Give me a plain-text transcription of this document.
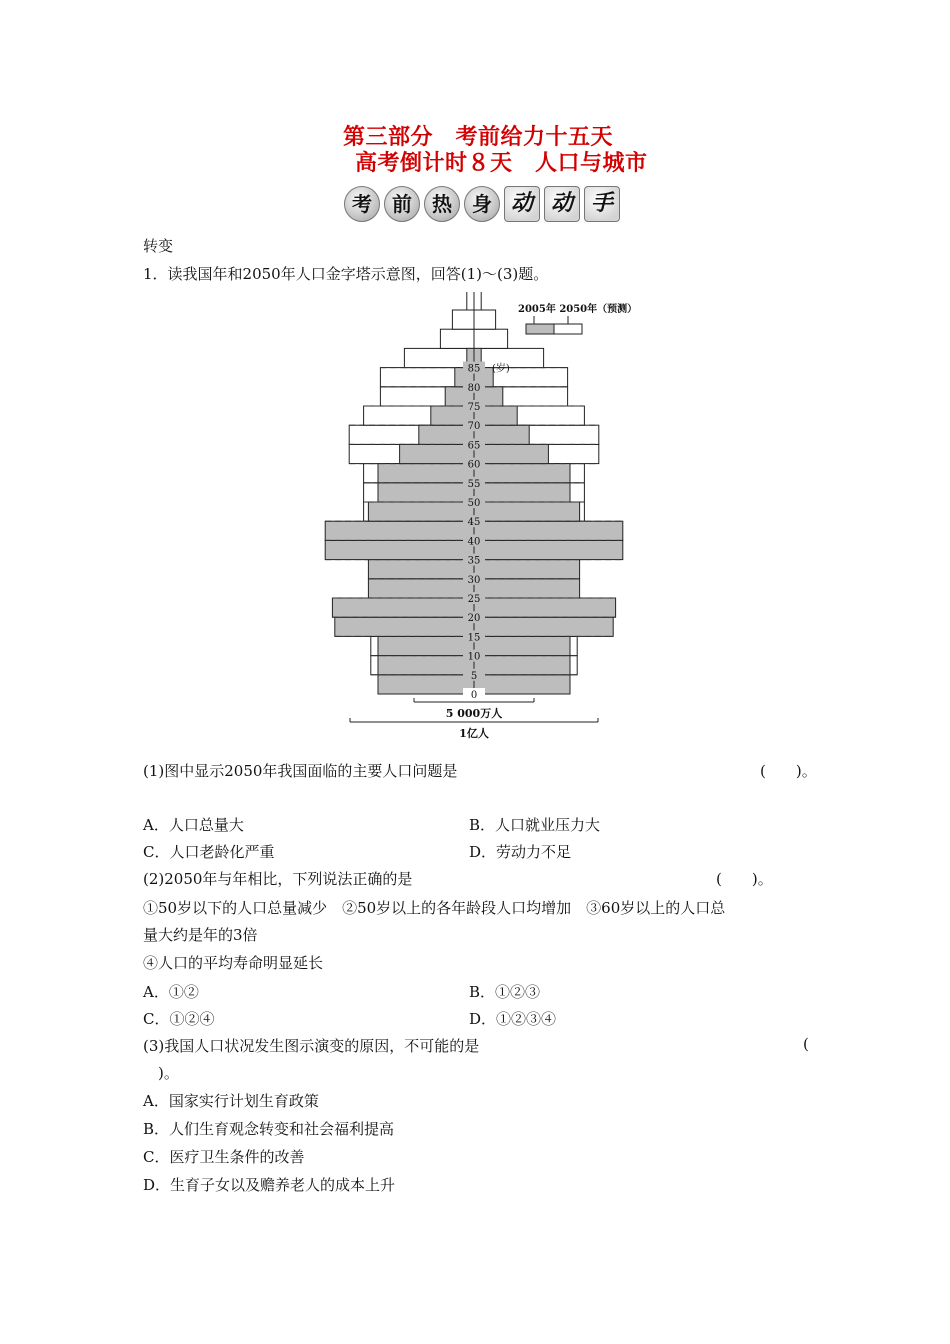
第三部分　考前给力十五天
高考倒计时８天　人口与城市
考	前	热	身 动 动 手
转变
1．读我国年和2050年人口金字塔示意图，回答(1)～(3)题。
0
5
10
15
20
25
30
35
40
45
50
55
60
65
70
75
80
85 (岁)
2005年 2050年（预测）
5 000万人
1亿人
(1)图中显示2050年我国面临的主要人口问题是	(　　)。
A．人口总量大	B．人口就业压力大
C．人口老龄化严重	D．劳动力不足
(2)2050年与年相比，下列说法正确的是	(　　)。
①50岁以下的人口总量减少　②50岁以上的各年龄段人口均增加　③60岁以上的人口总
量大约是年的3倍
④人口的平均寿命明显延长
A．①②	B．①②③
C．①②④	D．①②③④
(3)我国人口状况发生图示演变的原因，不可能的是	(
　)。
A．国家实行计划生育政策
B．人们生育观念转变和社会福利提高
C．医疗卫生条件的改善
D．生育子女以及赡养老人的成本上升
